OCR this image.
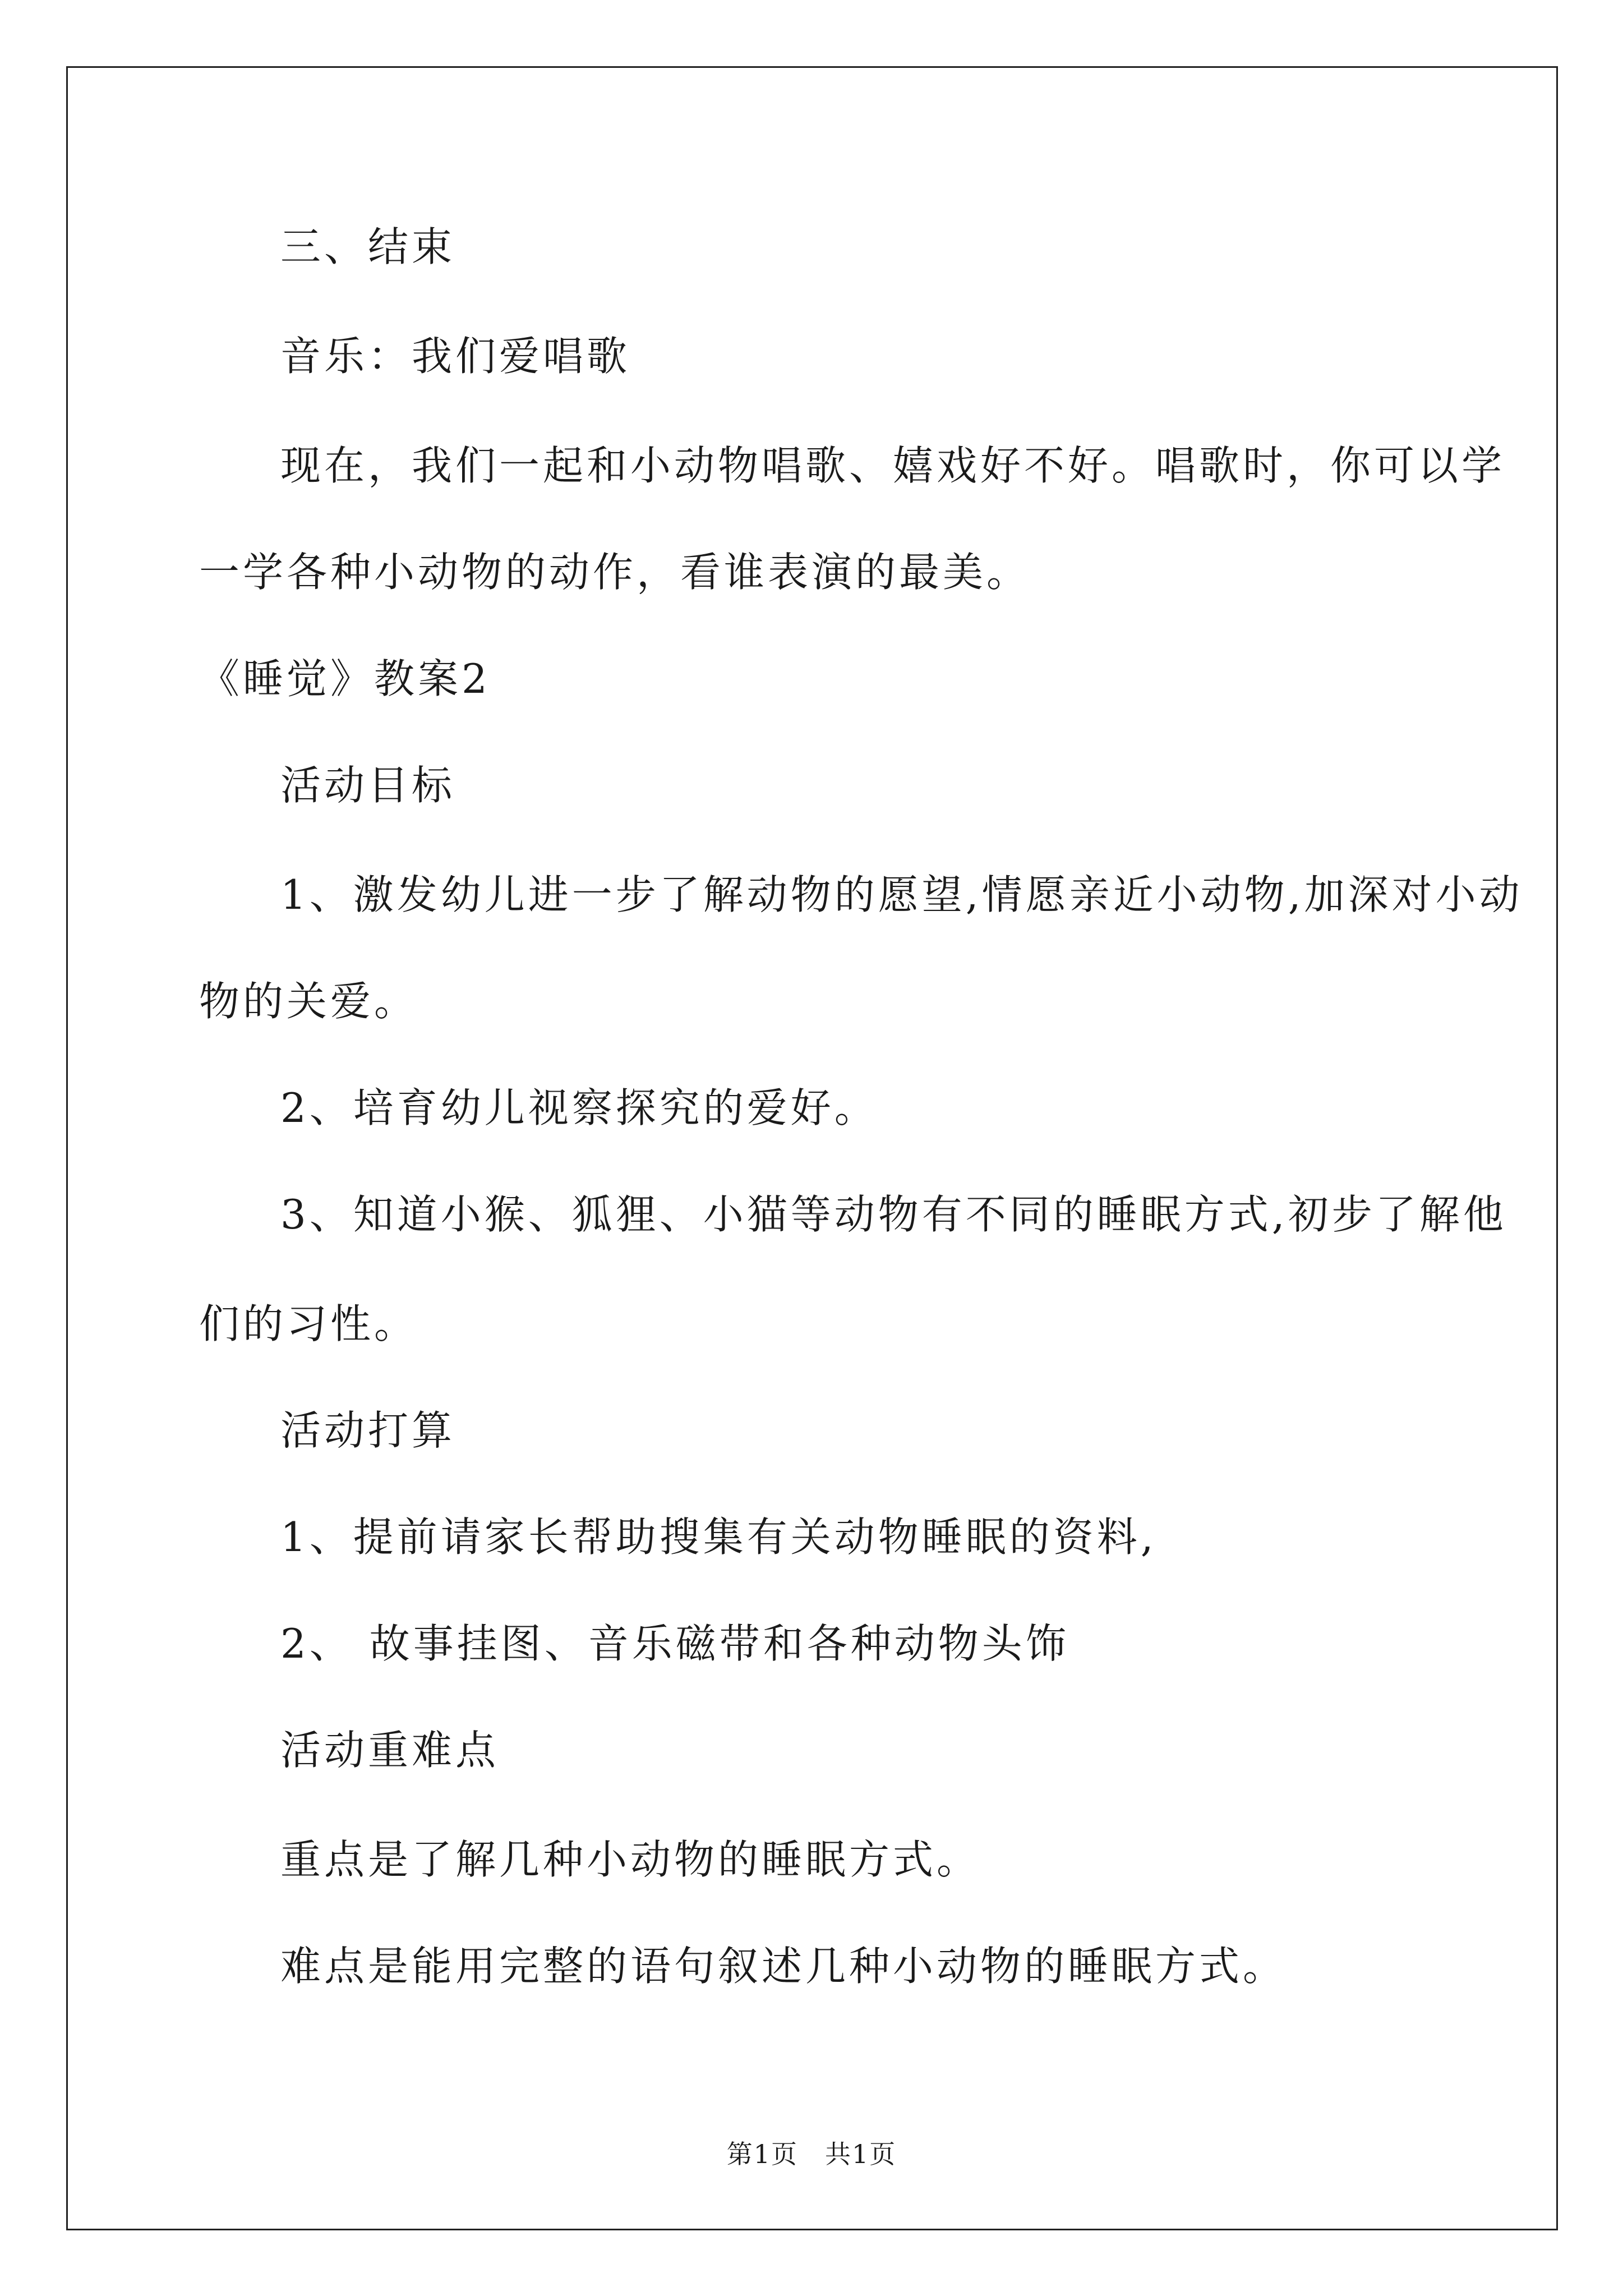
三、结束
音乐：我们爱唱歌
现在，我们一起和小动物唱歌、嬉戏好不好。唱歌时，你可以学
一学各种小动物的动作，看谁表演的最美。
《睡觉》教案2
活动目标
1、激发幼儿进一步了解动物的愿望,情愿亲近小动物,加深对小动
物的关爱。
2、培育幼儿视察探究的爱好。
3、知道小猴、狐狸、小猫等动物有不同的睡眠方式,初步了解他
们的习性。
活动打算
1、提前请家长帮助搜集有关动物睡眠的资料,
2、 故事挂图、音乐磁带和各种动物头饰
活动重难点
重点是了解几种小动物的睡眠方式。
难点是能用完整的语句叙述几种小动物的睡眠方式。
第1页　共1页
